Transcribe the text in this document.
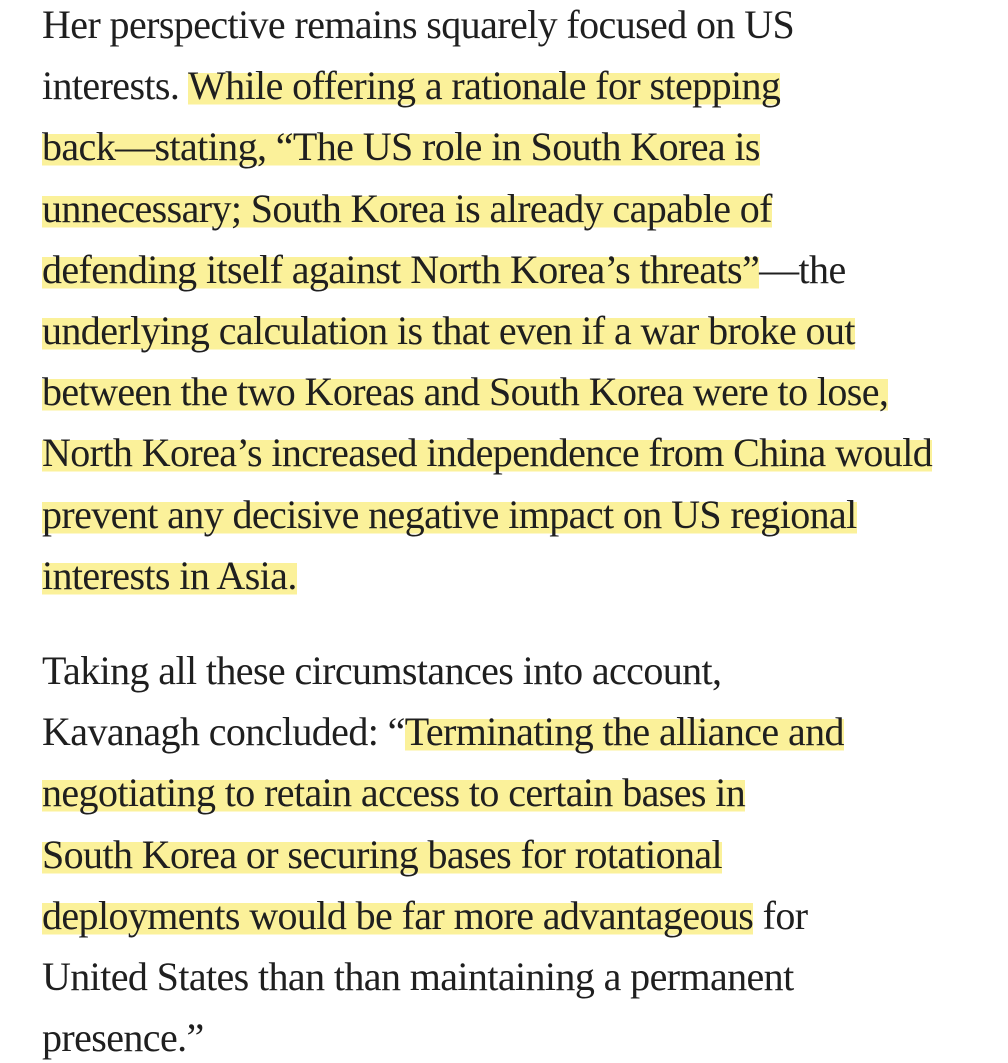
Her perspective remains squarely focused on US
interests. While offering a rationale for stepping
back—stating, “The US role in South Korea is
unnecessary; South Korea is already capable of
defending itself against North Korea’s threats”—the
underlying calculation is that even if a war broke out
between the two Koreas and South Korea were to lose,
North Korea’s increased independence from China would
prevent any decisive negative impact on US regional
interests in Asia.
Taking all these circumstances into account,
Kavanagh concluded: “Terminating the alliance and
negotiating to retain access to certain bases in
South Korea or securing bases for rotational
deployments would be far more advantageous for
United States than than maintaining a permanent
presence.”
